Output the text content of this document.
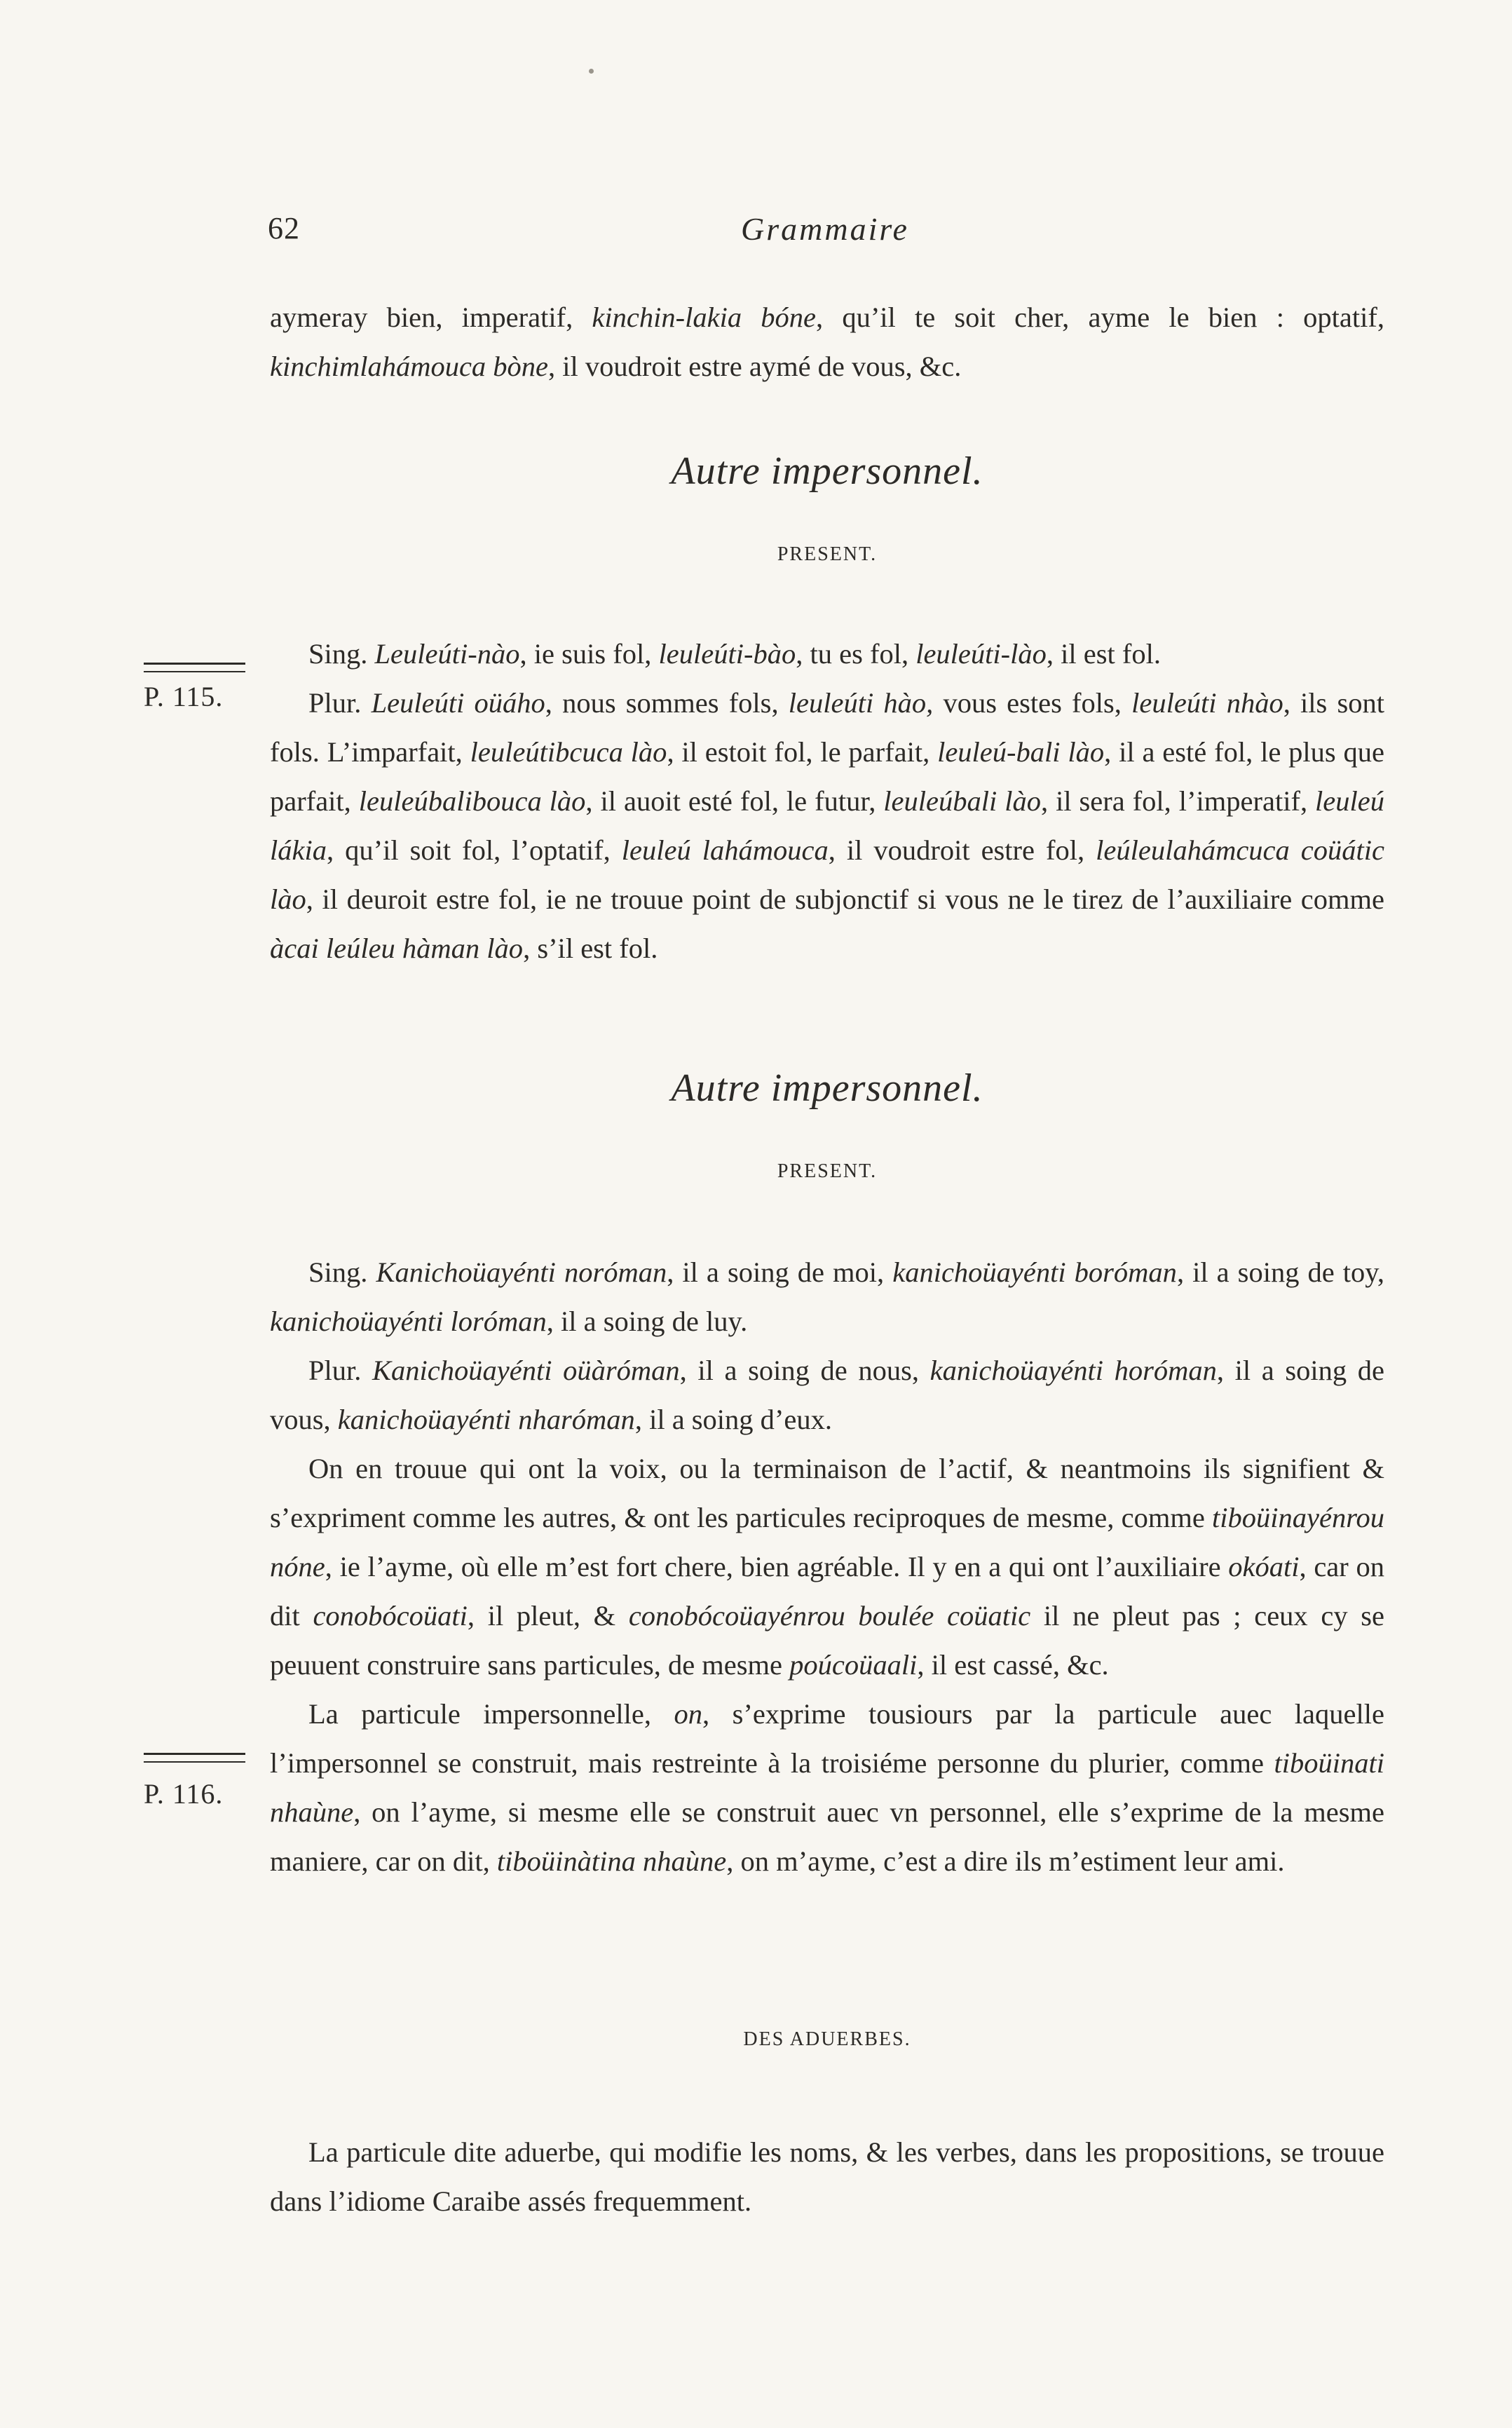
62	Grammaire

aymeray bien, imperatif, kinchin-lakia bóne, qu’il te soit cher, ayme le bien : optatif, kinchimlahámouca bòne, il voudroit estre aymé de vous, &c.

Autre impersonnel.
PRESENT.
P. 115.

Sing. Leuleúti-nào, ie suis fol, leuleúti-bào, tu es fol, leuleúti-lào, il est fol.

Plur. Leuleúti oüáho, nous sommes fols, leuleúti hào, vous estes fols, leuleúti nhào, ils sont fols. L’imparfait, leuleútibcuca lào, il estoit fol, le parfait, leuleú-bali lào, il a esté fol, le plus que parfait, leuleúbalibouca lào, il auoit esté fol, le futur, leuleúbali lào, il sera fol, l’imperatif, leuleú lákia, qu’il soit fol, l’optatif, leuleú lahámouca, il voudroit estre fol, leúleulahámcuca coüátic lào, il deuroit estre fol, ie ne trouue point de subjonctif si vous ne le tirez de l’auxiliaire comme àcai leúleu hàman lào, s’il est fol.

Autre impersonnel.
PRESENT.
P. 116.

Sing. Kanichoüayénti noróman, il a soing de moi, kanichoüayénti boróman, il a soing de toy, kanichoüayénti loróman, il a soing de luy.

Plur. Kanichoüayénti oüàróman, il a soing de nous, kanichoüayénti horóman, il a soing de vous, kanichoüayénti nharóman, il a soing d’eux.

On en trouue qui ont la voix, ou la terminaison de l’actif, & neantmoins ils signifient & s’expriment comme les autres, & ont les particules reciproques de mesme, comme tiboüinayénrou nóne, ie l’ayme, où elle m’est fort chere, bien agréable. Il y en a qui ont l’auxiliaire okóati, car on dit conobócoüati, il pleut, & conobócoüayénrou boulée coüatic il ne pleut pas ; ceux cy se peuuent construire sans particules, de mesme poúcoüaali, il est cassé, &c.

La particule impersonnelle, on, s’exprime tousiours par la particule auec laquelle l’impersonnel se construit, mais restreinte à la troisiéme personne du plurier, comme tiboüinati nhaùne, on l’ayme, si mesme elle se construit auec vn personnel, elle s’exprime de la mesme maniere, car on dit, tiboüinàtina nhaùne, on m’ayme, c’est a dire ils m’estiment leur ami.

DES ADUERBES.

La particule dite aduerbe, qui modifie les noms, & les verbes, dans les propositions, se trouue dans l’idiome Caraibe assés frequemment.
